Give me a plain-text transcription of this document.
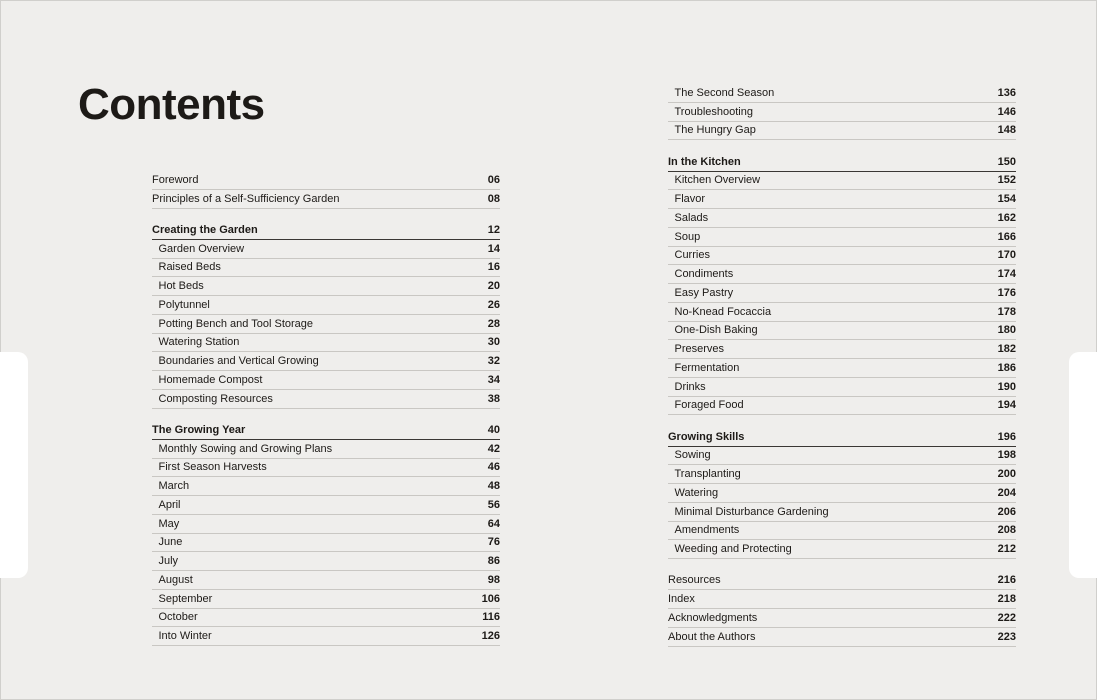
Contents
Foreword	06
Principles of a Self-Sufficiency Garden	08
Creating the Garden	12
Garden Overview	14
Raised Beds	16
Hot Beds	20
Polytunnel	26
Potting Bench and Tool Storage	28
Watering Station	30
Boundaries and Vertical Growing	32
Homemade Compost	34
Composting Resources	38
The Growing Year	40
Monthly Sowing and Growing Plans	42
First Season Harvests	46
March	48
April	56
May	64
June	76
July	86
August	98
September	106
October	116
Into Winter	126
The Second Season	136
Troubleshooting	146
The Hungry Gap	148
In the Kitchen	150
Kitchen Overview	152
Flavor	154
Salads	162
Soup	166
Curries	170
Condiments	174
Easy Pastry	176
No-Knead Focaccia	178
One-Dish Baking	180
Preserves	182
Fermentation	186
Drinks	190
Foraged Food	194
Growing Skills	196
Sowing	198
Transplanting	200
Watering	204
Minimal Disturbance Gardening	206
Amendments	208
Weeding and Protecting	212
Resources	216
Index	218
Acknowledgments	222
About the Authors	223
